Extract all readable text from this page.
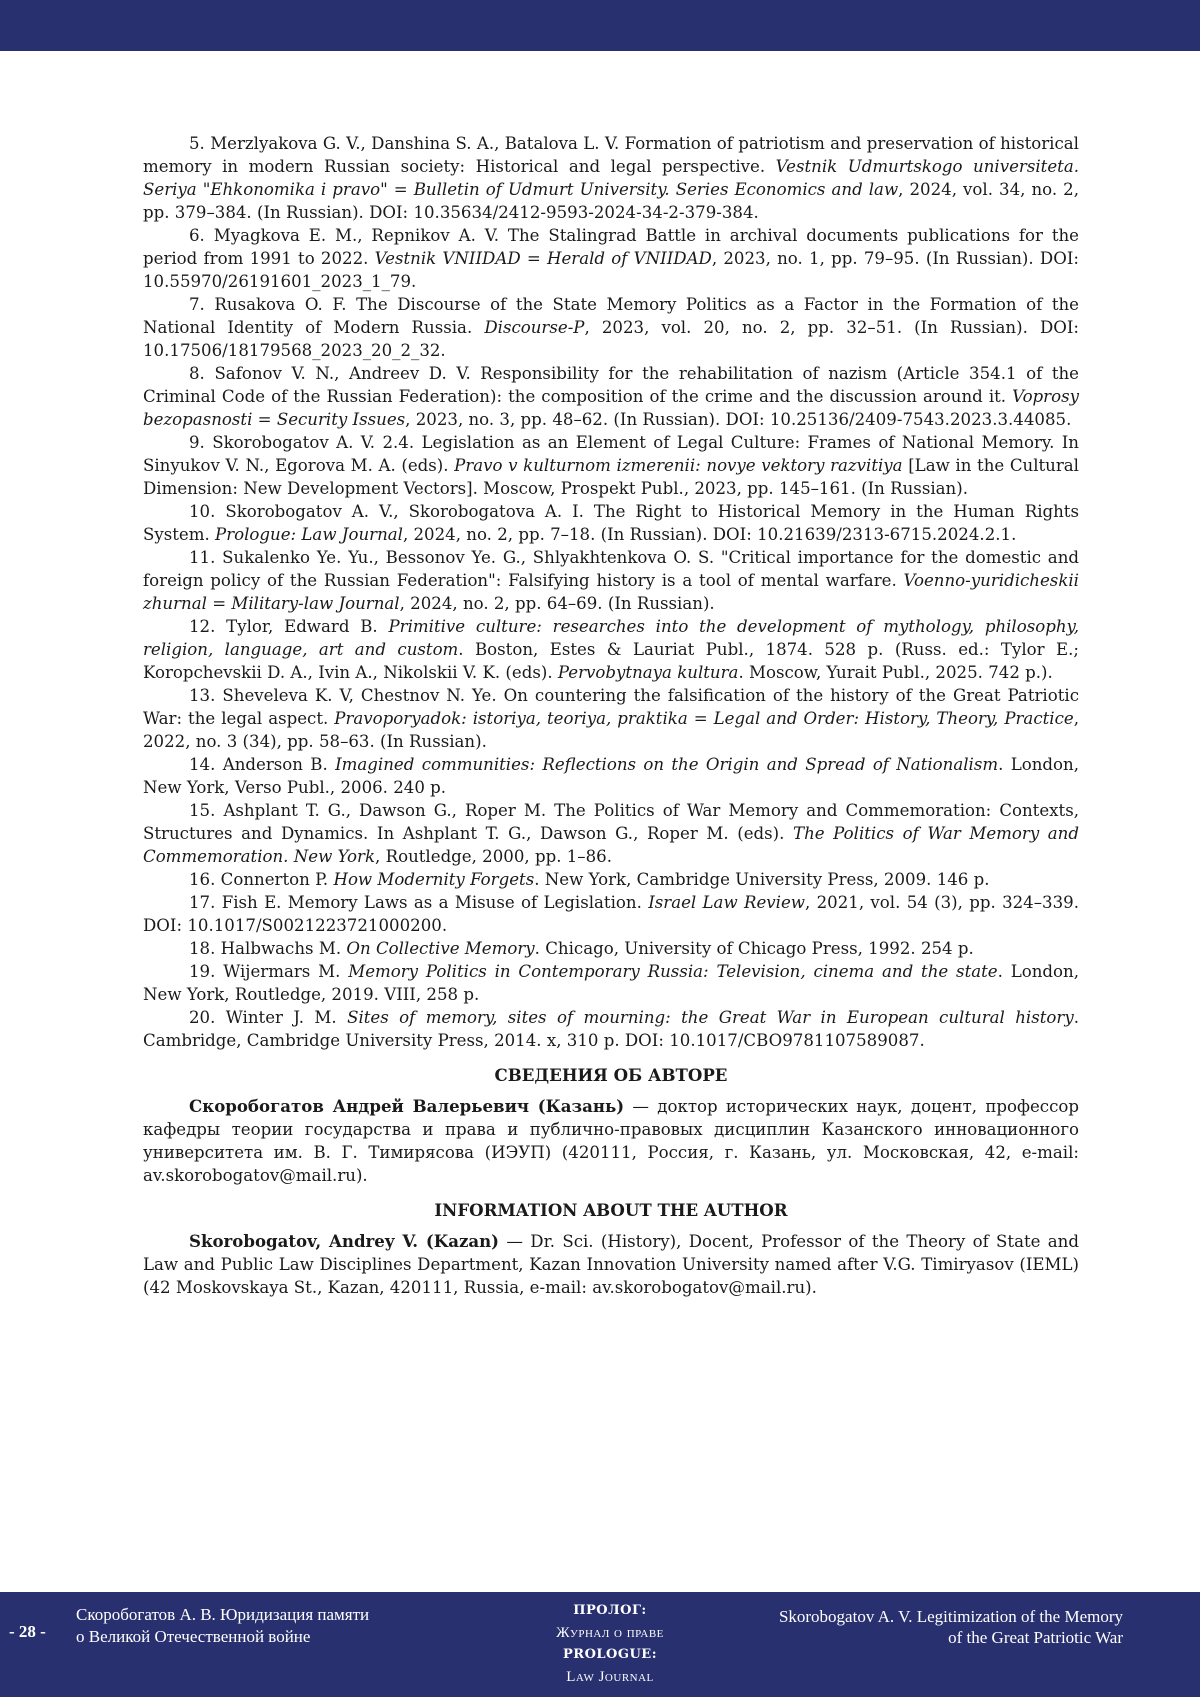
5. Merzlyakova G. V., Danshina S. A., Batalova L. V. Formation of patriotism and preservation of historical memory in modern Russian society: Historical and legal perspective. Vestnik Udmurtskogo universiteta. Seriya "Ehkonomika i pravo" = Bulletin of Udmurt University. Series Economics and law, 2024, vol. 34, no. 2, pp. 379–384. (In Russian). DOI: 10.35634/2412-9593-2024-34-2-379-384.

6. Myagkova E. M., Repnikov A. V. The Stalingrad Battle in archival documents publications for the period from 1991 to 2022. Vestnik VNIIDAD = Herald of VNIIDAD, 2023, no. 1, pp. 79–95. (In Russian). DOI: 10.55970/26191601_2023_1_79.

7. Rusakova O. F. The Discourse of the State Memory Politics as a Factor in the Formation of the National Identity of Modern Russia. Discourse-P, 2023, vol. 20, no. 2, pp. 32–51. (In Russian). DOI: 10.17506/18179568_2023_20_2_32.

8. Safonov V. N., Andreev D. V. Responsibility for the rehabilitation of nazism (Article 354.1 of the Criminal Code of the Russian Federation): the composition of the crime and the discussion around it. Voprosy bezopasnosti = Security Issues, 2023, no. 3, pp. 48–62. (In Russian). DOI: 10.25136/2409-7543.2023.3.44085.

9. Skorobogatov A. V. 2.4. Legislation as an Element of Legal Culture: Frames of National Memory. In Sinyukov V. N., Egorova M. A. (eds). Pravo v kulturnom izmerenii: novye vektory razvitiya [Law in the Cultural Dimension: New Development Vectors]. Moscow, Prospekt Publ., 2023, pp. 145–161. (In Russian).

10. Skorobogatov A. V., Skorobogatova A. I. The Right to Historical Memory in the Human Rights System. Prologue: Law Journal, 2024, no. 2, pp. 7–18. (In Russian). DOI: 10.21639/2313-6715.2024.2.1.

11. Sukalenko Ye. Yu., Bessonov Ye. G., Shlyakhtenkova O. S. "Critical importance for the domestic and foreign policy of the Russian Federation": Falsifying history is a tool of mental warfare. Voenno-yuridicheskii zhurnal = Military-law Journal, 2024, no. 2, pp. 64–69. (In Russian).

12. Tylor, Edward B. Primitive culture: researches into the development of mythology, philosophy, religion, language, art and custom. Boston, Estes & Lauriat Publ., 1874. 528 p. (Russ. ed.: Tylor E.; Koropchevskii D. A., Ivin A., Nikolskii V. K. (eds). Pervobytnaya kultura. Moscow, Yurait Publ., 2025. 742 p.).

13. Sheveleva K. V, Chestnov N. Ye. On countering the falsification of the history of the Great Patriotic War: the legal aspect. Pravoporyadok: istoriya, teoriya, praktika = Legal and Order: History, Theory, Practice, 2022, no. 3 (34), pp. 58–63. (In Russian).

14. Anderson B. Imagined communities: Reflections on the Origin and Spread of Nationalism. London, New York, Verso Publ., 2006. 240 p.

15. Ashplant T. G., Dawson G., Roper M. The Politics of War Memory and Commemoration: Contexts, Structures and Dynamics. In Ashplant T. G., Dawson G., Roper M. (eds). The Politics of War Memory and Commemoration. New York, Routledge, 2000, pp. 1–86.

16. Connerton P. How Modernity Forgets. New York, Cambridge University Press, 2009. 146 p.

17. Fish E. Memory Laws as a Misuse of Legislation. Israel Law Review, 2021, vol. 54 (3), pp. 324–339. DOI: 10.1017/S0021223721000200.

18. Halbwachs M. On Collective Memory. Chicago, University of Chicago Press, 1992. 254 p.

19. Wijermars M. Memory Politics in Contemporary Russia: Television, cinema and the state. London, New York, Routledge, 2019. VIII, 258 p.

20. Winter J. M. Sites of memory, sites of mourning: the Great War in European cultural history. Cambridge, Cambridge University Press, 2014. x, 310 p. DOI: 10.1017/CBO9781107589087.

СВЕДЕНИЯ ОБ АВТОРЕ

Скоробогатов Андрей Валерьевич (Казань) — доктор исторических наук, доцент, профессор кафедры теории государства и права и публично-правовых дисциплин Казанского инновационного университета им. В. Г. Тимирясова (ИЭУП) (420111, Россия, г. Казань, ул. Московская, 42, e-mail: av.skorobogatov@mail.ru).

INFORMATION ABOUT THE AUTHOR

Skorobogatov, Andrey V. (Kazan) — Dr. Sci. (History), Docent, Professor of the Theory of State and Law and Public Law Disciplines Department, Kazan Innovation University named after V.G. Timiryasov (IEML) (42 Moskovskaya St., Kazan, 420111, Russia, e-mail: av.skorobogatov@mail.ru).

- 28 -
Скоробогатов А. В. Юридизация памяти
о Великой Отечественной войне
ПРОЛОГ:
Журнал о праве
PROLOGUE:
Law Journal
Skorobogatov A. V. Legitimization of the Memory
of the Great Patriotic War
